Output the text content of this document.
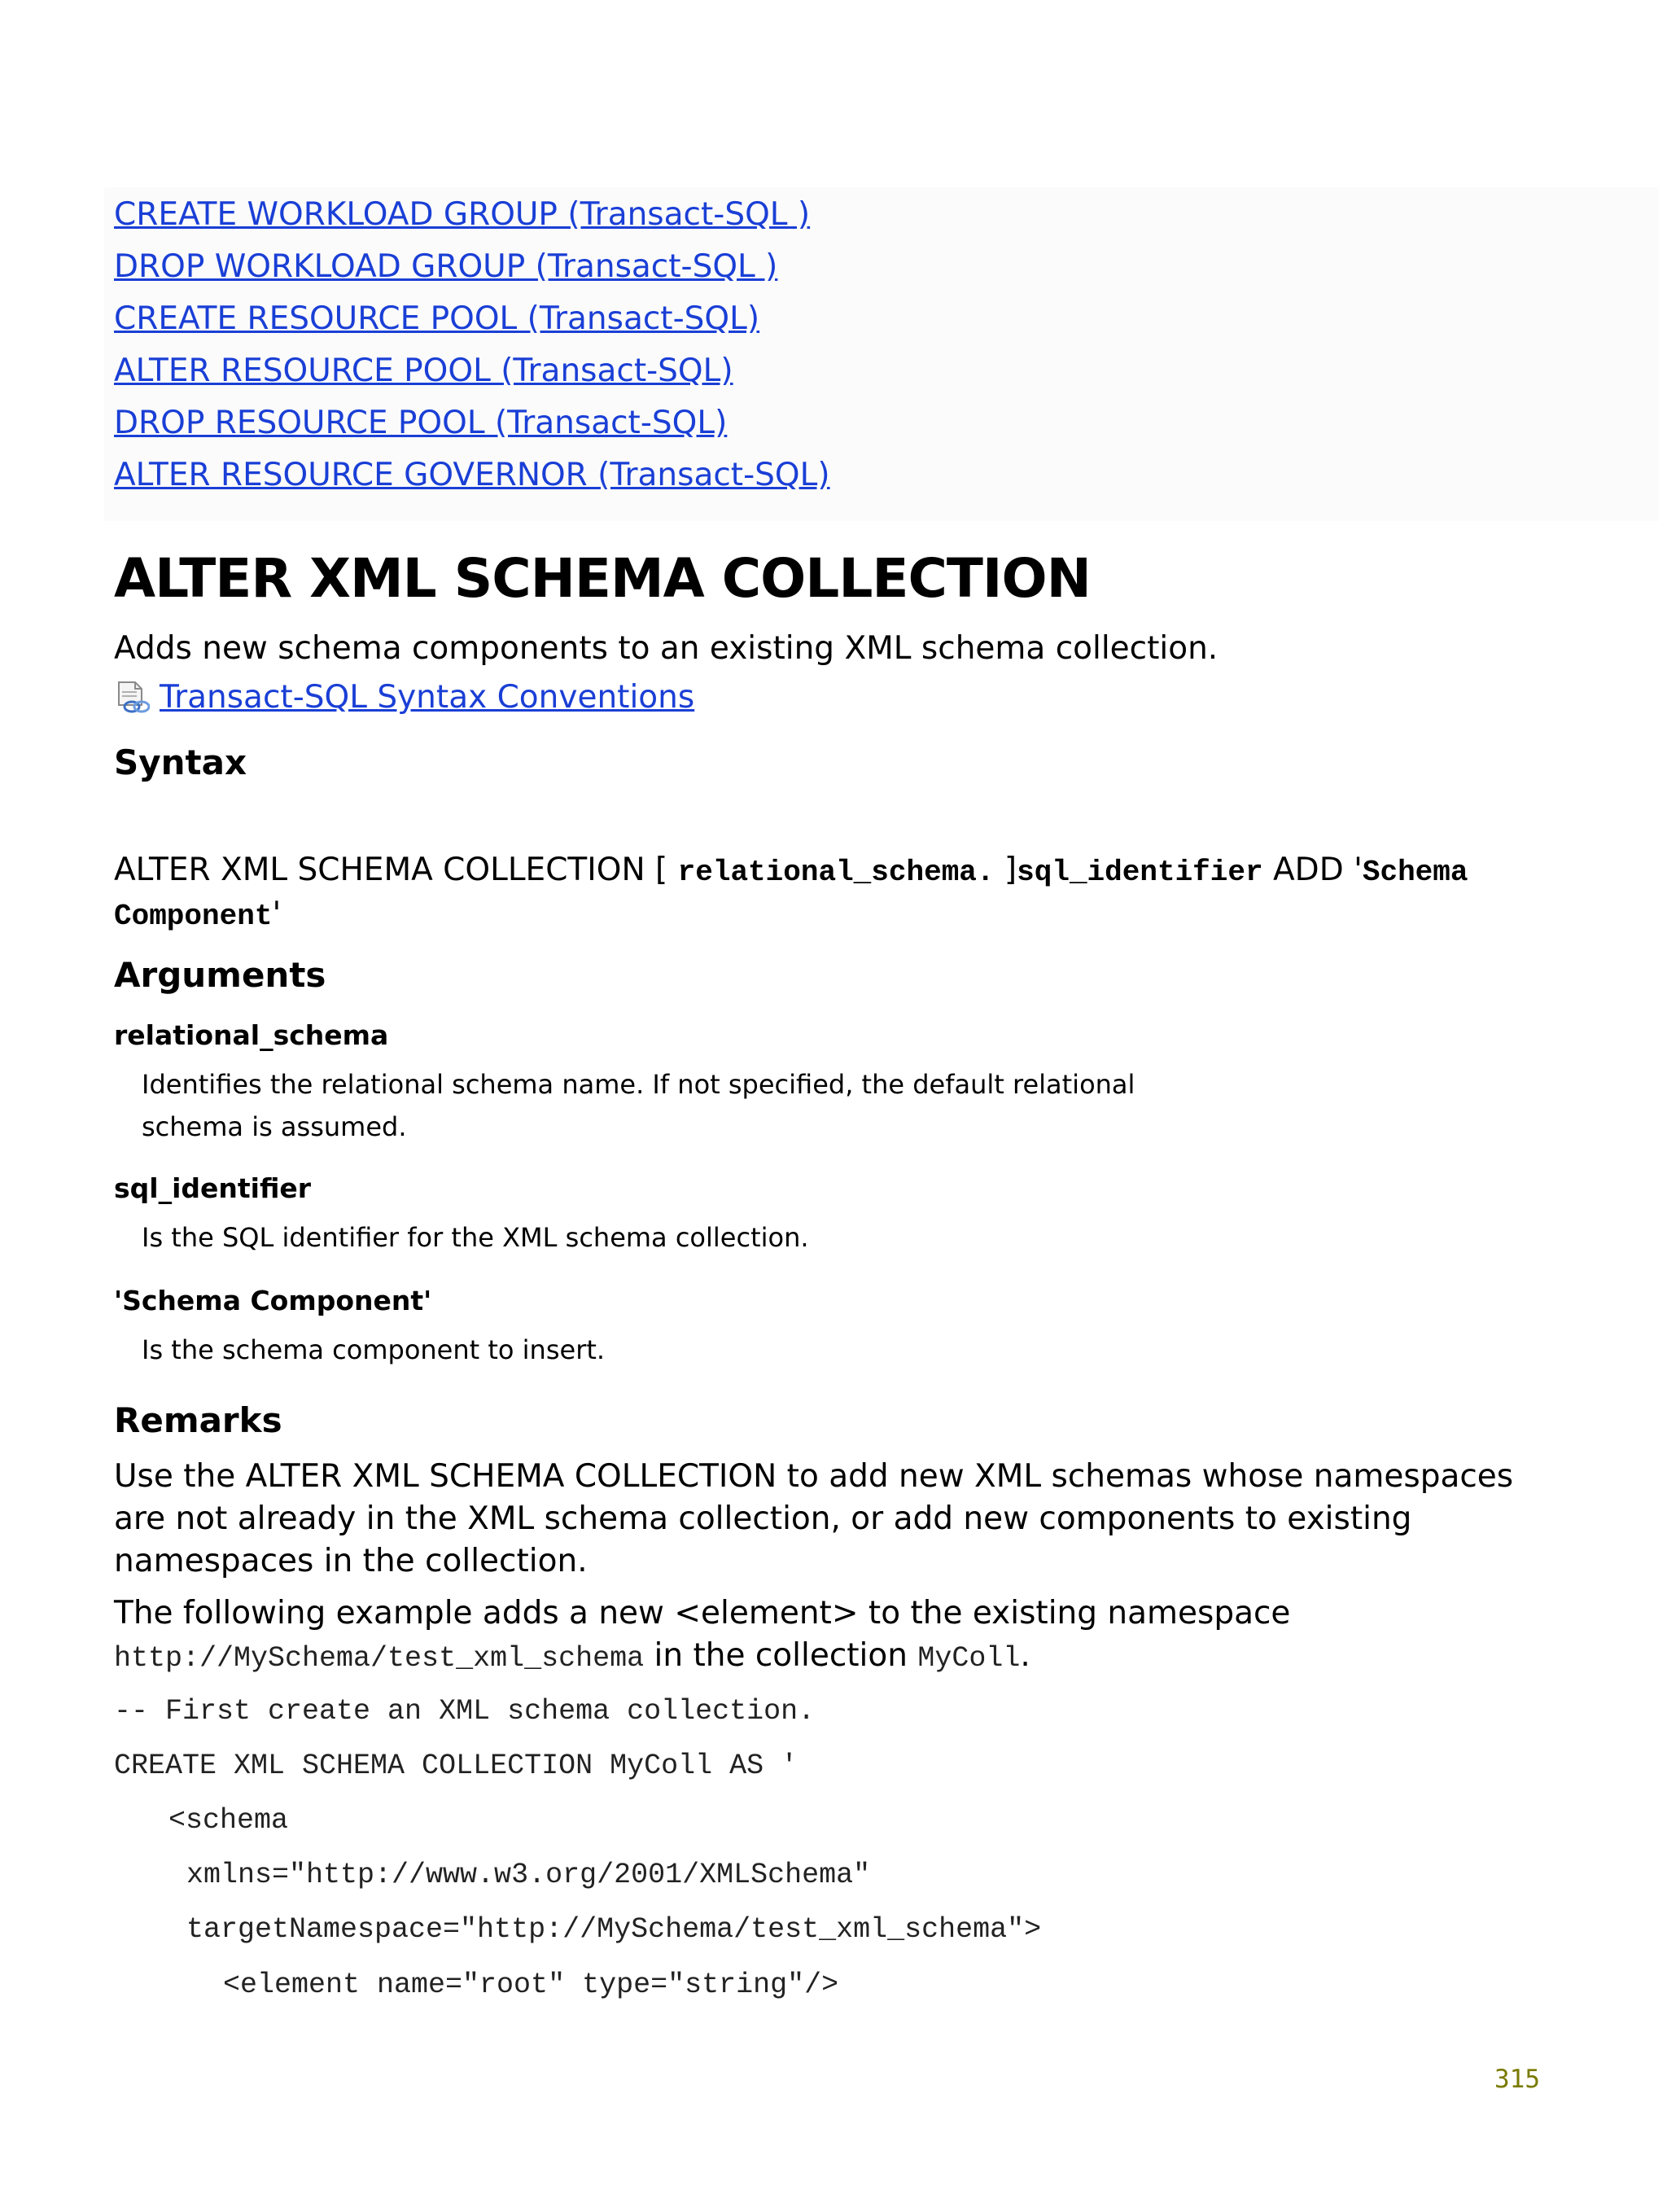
CREATE WORKLOAD GROUP (Transact-SQL )
DROP WORKLOAD GROUP (Transact-SQL )
CREATE RESOURCE POOL (Transact-SQL)
ALTER RESOURCE POOL (Transact-SQL)
DROP RESOURCE POOL (Transact-SQL)
ALTER RESOURCE GOVERNOR (Transact-SQL)
ALTER XML SCHEMA COLLECTION
Adds new schema components to an existing XML schema collection.
Transact-SQL Syntax Conventions
Syntax
ALTER XML SCHEMA COLLECTION [ relational_schema. ]sql_identifier ADD 'Schema
Component'
Arguments
relational_schema
Identifies the relational schema name. If not specified, the default relational schema is assumed.
sql_identifier
Is the SQL identifier for the XML schema collection.
'Schema Component'
Is the schema component to insert.
Remarks
Use the ALTER XML SCHEMA COLLECTION to add new XML schemas whose namespaces are not already in the XML schema collection, or add new components to existing namespaces in the collection.
The following example adds a new <element> to the existing namespace
http://MySchema/test_xml_schema in the collection MyColl.
-- First create an XML schema collection.
CREATE XML SCHEMA COLLECTION MyColl AS '
<schema
xmlns="http://www.w3.org/2001/XMLSchema"
targetNamespace="http://MySchema/test_xml_schema">
<element name="root" type="string"/>
315
